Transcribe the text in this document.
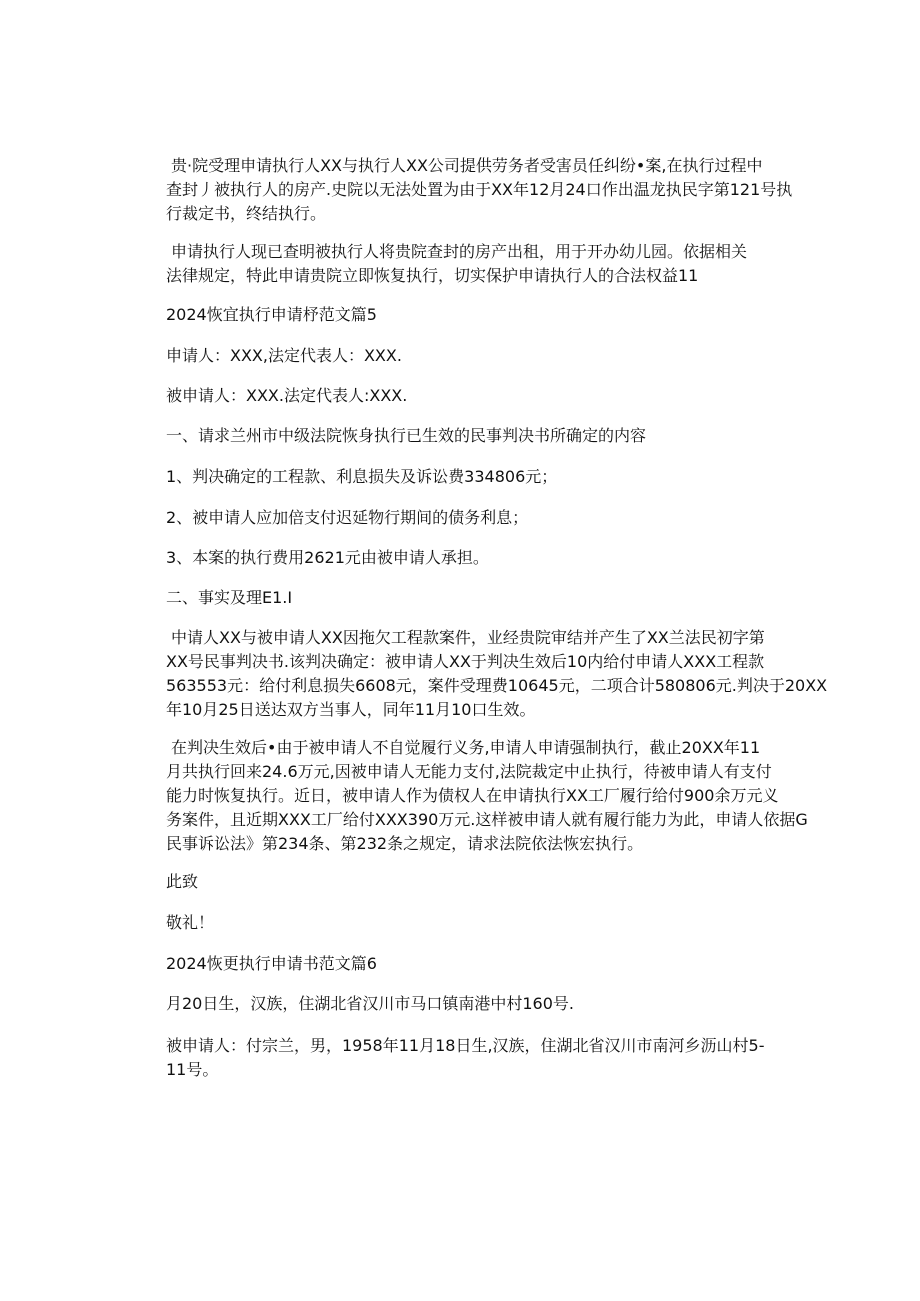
贵·院受理申请执行人XX与执行人XX公司提供劳务者受害员任纠纷•案,在执行过程中
查封丿被执行人的房产.史院以无法处置为由于XX年12月24口作出温龙执民字第121号执
行裁定书，终结执行。
申请执行人现已查明被执行人将贵院查封的房产出租，用于开办幼儿园。依据相关
法律规定，特此申请贵院立即恢复执行，切实保护申请执行人的合法权益11
2024恢宜执行申请杼范文篇5
申请人：XXX,法定代表人：XXX.
被申请人：XXX.法定代表人:XXX.
一、请求兰州市中级法院恢身执行已生效的民事判决书所确定的内容
1、判决确定的工程款、利息损失及诉讼费334806元；
2、被申请人应加倍支付迟延物行期间的债务利息；
3、本案的执行费用2621元由被申请人承担。
二、事实及理E1.I
中请人XX与被申请人XX因拖欠工程款案件，业经贵院审结并产生了XX兰法民初字第
XX号民事判决书.该判决确定：被申请人XX于判决生效后10内给付申请人XXX工程款
563553元：给付利息损失6608元，案件受理费10645元，二项合计580806元.判决于20XX
年10月25日送达双方当事人，同年11月10口生效。
在判决生效后•由于被申请人不自觉履行义务,申请人申请强制执行，截止20XX年11
月共执行回来24.6万元,因被申请人无能力支付,法院裁定中止执行，待被申请人有支付
能力时恢复执行。近日，被申请人作为债权人在申请执行XX工厂履行给付900余万元义
务案件，且近期XXX工厂给付XXX390万元.这样被申请人就有履行能力为此，申请人依据G
民事诉讼法》第234条、第232条之规定，请求法院依法恢宏执行。
此致
敬礼！
2024恢更执行申请书范文篇6
月20日生，汉族，住湖北省汉川市马口镇南港中村160号.
被申请人：付宗兰，男，1958年11月18日生,汉族，住湖北省汉川市南河乡沥山村5-
11号。
